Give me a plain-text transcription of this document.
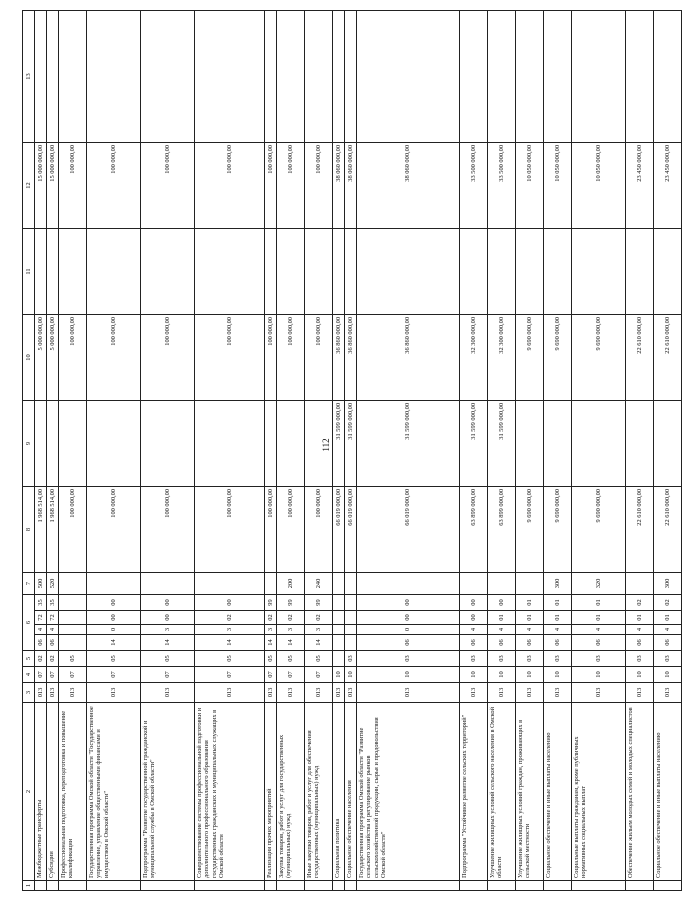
112
1	2	3	4	5	6				7	8	9	10	11	12	13
	Межбюджетные трансферты	013	07	02	06	4	72	35	500	1 968 514,00		5 000 000,00		15 000 000,00	
	Субсидии	013	07	02	06	4	72	35	520	1 968 514,00		5 000 000,00		15 000 000,00	
	Профессиональная подготовка, переподготовка и повышение квалификации	013	07	05						100 000,00		100 000,00		100 000,00	
	Государственная программа Омской области "Государственное управление, управление общественными финансами и имуществом в Омской области"	013	07	05	14	0	00	00		100 000,00		100 000,00		100 000,00	
	Подпрограмма "Развитие государственной гражданской и муниципальной службы в Омской области"	013	07	05	14	3	00	00		100 000,00		100 000,00		100 000,00	
	Совершенствование системы профессиональной подготовки и дополнительного профессионального образования государственных гражданских и муниципальных служащих в Омской области	013	07	05	14	3	02	00		100 000,00		100 000,00		100 000,00	
	Реализация прочих мероприятий	013	07	05	14	3	02	99		100 000,00		100 000,00		100 000,00	
	Закупка товаров, работ и услуг для государственных (муниципальных) нужд	013	07	05	14	3	02	99	200	100 000,00		100 000,00		100 000,00	
	Иные закупки товаров, работ и услуг для обеспечения государственных (муниципальных) нужд	013	07	05	14	3	02	99	240	100 000,00		100 000,00		100 000,00	
	Социальная политика	013	10							66 019 000,00	31 599 000,00	36 860 000,00		38 060 000,00	
	Социальное обеспечение населения	013	10	03						66 019 000,00	31 599 000,00	36 860 000,00		38 060 000,00	
	Государственная программа Омской области "Развитие сельского хозяйства и регулирование рынков сельскохозяйственной продукции, сырья и продовольствия Омской области"	013	10	03	06	0	00	00		66 019 000,00	31 599 000,00	36 860 000,00		38 060 000,00	
	Подпрограмма "Устойчивое развитие сельских территорий"	013	10	03	06	4	00	00		63 899 000,00	31 599 000,00	32 300 000,00		33 500 000,00	
	Улучшение жилищных условий сельского населения в Омской области	013	10	03	06	4	01	00		63 899 000,00	31 599 000,00	32 300 000,00		33 500 000,00	
	Улучшение жилищных условий граждан, проживающих в сельской местности	013	10	03	06	4	01	01		9 690 000,00		9 690 000,00		10 050 000,00	
	Социальное обеспечение и иные выплаты населению	013	10	03	06	4	01	01	300	9 690 000,00		9 690 000,00		10 050 000,00	
	Социальные выплаты гражданам, кроме публичных нормативных социальных выплат	013	10	03	06	4	01	01	320	9 690 000,00		9 690 000,00		10 050 000,00	
	Обеспечение жильем молодых семей и молодых специалистов	013	10	03	06	4	01	02		22 610 000,00		22 610 000,00		23 450 000,00	
	Социальное обеспечение и иные выплаты населению	013	10	03	06	4	01	02	300	22 610 000,00		22 610 000,00		23 450 000,00	
